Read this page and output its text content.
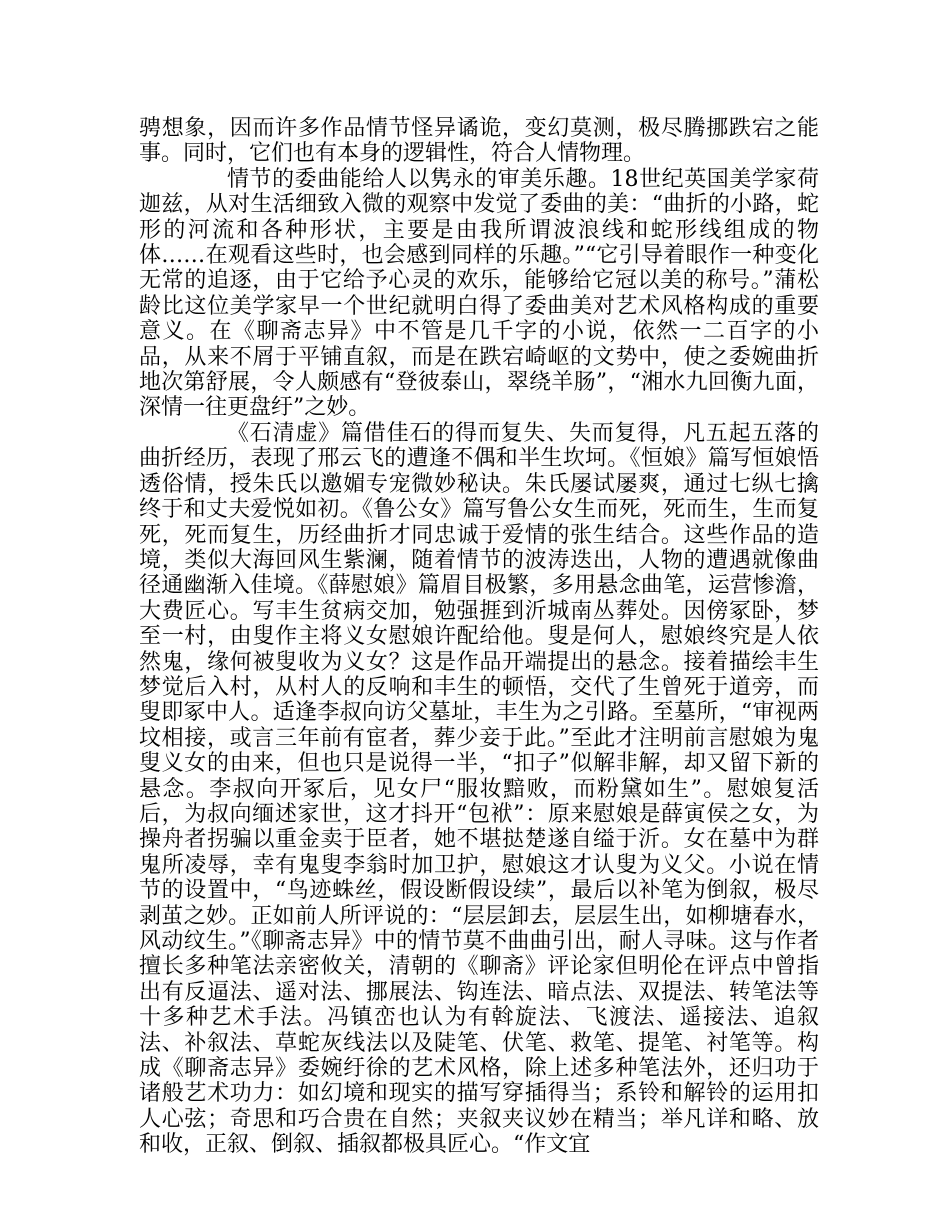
骋想象，因而许多作品情节怪异谲诡，变幻莫测，极尽腾挪跌宕之能事。同时，它们也有本身的逻辑性，符合人情物理。

情节的委曲能给人以隽永的审美乐趣。18世纪英国美学家荷迦兹，从对生活细致入微的观察中发觉了委曲的美：“曲折的小路，蛇形的河流和各种形状，主要是由我所谓波浪线和蛇形线组成的物体……在观看这些时，也会感到同样的乐趣。”“它引导着眼作一种变化无常的追逐，由于它给予心灵的欢乐，能够给它冠以美的称号。”蒲松龄比这位美学家早一个世纪就明白得了委曲美对艺术风格构成的重要意义。在《聊斋志异》中不管是几千字的小说，依然一二百字的小品，从来不屑于平铺直叙，而是在跌宕崎岖的文势中，使之委婉曲折地次第舒展，令人颇感有“登彼泰山，翠绕羊肠”，“湘水九回衡九面，深情一往更盘纡”之妙。

《石清虚》篇借佳石的得而复失、失而复得，凡五起五落的曲折经历，表现了邢云飞的遭逢不偶和半生坎坷。《恒娘》篇写恒娘悟透俗情，授朱氏以邀媚专宠微妙秘诀。朱氏屡试屡爽，通过七纵七擒终于和丈夫爱悦如初。《鲁公女》篇写鲁公女生而死，死而生，生而复死，死而复生，历经曲折才同忠诚于爱情的张生结合。这些作品的造境，类似大海回风生紫澜，随着情节的波涛迭出，人物的遭遇就像曲径通幽渐入佳境。《薛慰娘》篇眉目极繁，多用悬念曲笔，运营惨澹，大费匠心。写丰生贫病交加，勉强捱到沂城南丛葬处。因傍冢卧，梦至一村，由叟作主将义女慰娘许配给他。叟是何人，慰娘终究是人依然鬼，缘何被叟收为义女？这是作品开端提出的悬念。接着描绘丰生梦觉后入村，从村人的反响和丰生的顿悟，交代了生曾死于道旁，而叟即冢中人。适逢李叔向访父墓址，丰生为之引路。至墓所，“审视两坟相接，或言三年前有宦者，葬少妾于此。”至此才注明前言慰娘为鬼叟义女的由来，但也只是说得一半，“扣子”似解非解，却又留下新的悬念。李叔向开冢后，见女尸“服妆黯败，而粉黛如生”。慰娘复活后，为叔向缅述家世，这才抖开“包袱”：原来慰娘是薛寅侯之女，为操舟者拐骗以重金卖于臣者，她不堪挞楚遂自缢于沂。女在墓中为群鬼所凌辱，幸有鬼叟李翁时加卫护，慰娘这才认叟为义父。小说在情节的设置中，“鸟迹蛛丝，假设断假设续”，最后以补笔为倒叙，极尽剥茧之妙。正如前人所评说的：“层层卸去，层层生出，如柳塘春水，风动纹生。”《聊斋志异》中的情节莫不曲曲引出，耐人寻味。这与作者擅长多种笔法亲密攸关，清朝的《聊斋》评论家但明伦在评点中曾指出有反逼法、遥对法、挪展法、钩连法、暗点法、双提法、转笔法等十多种艺术手法。冯镇峦也认为有斡旋法、飞渡法、遥接法、追叙法、补叙法、草蛇灰线法以及陡笔、伏笔、救笔、提笔、衬笔等。构成《聊斋志异》委婉纡徐的艺术风格，除上述多种笔法外，还归功于诸般艺术功力：如幻境和现实的描写穿插得当；系铃和解铃的运用扣人心弦；奇思和巧合贵在自然；夹叙夹议妙在精当；举凡详和略、放和收，正叙、倒叙、插叙都极具匠心。“作文宜
